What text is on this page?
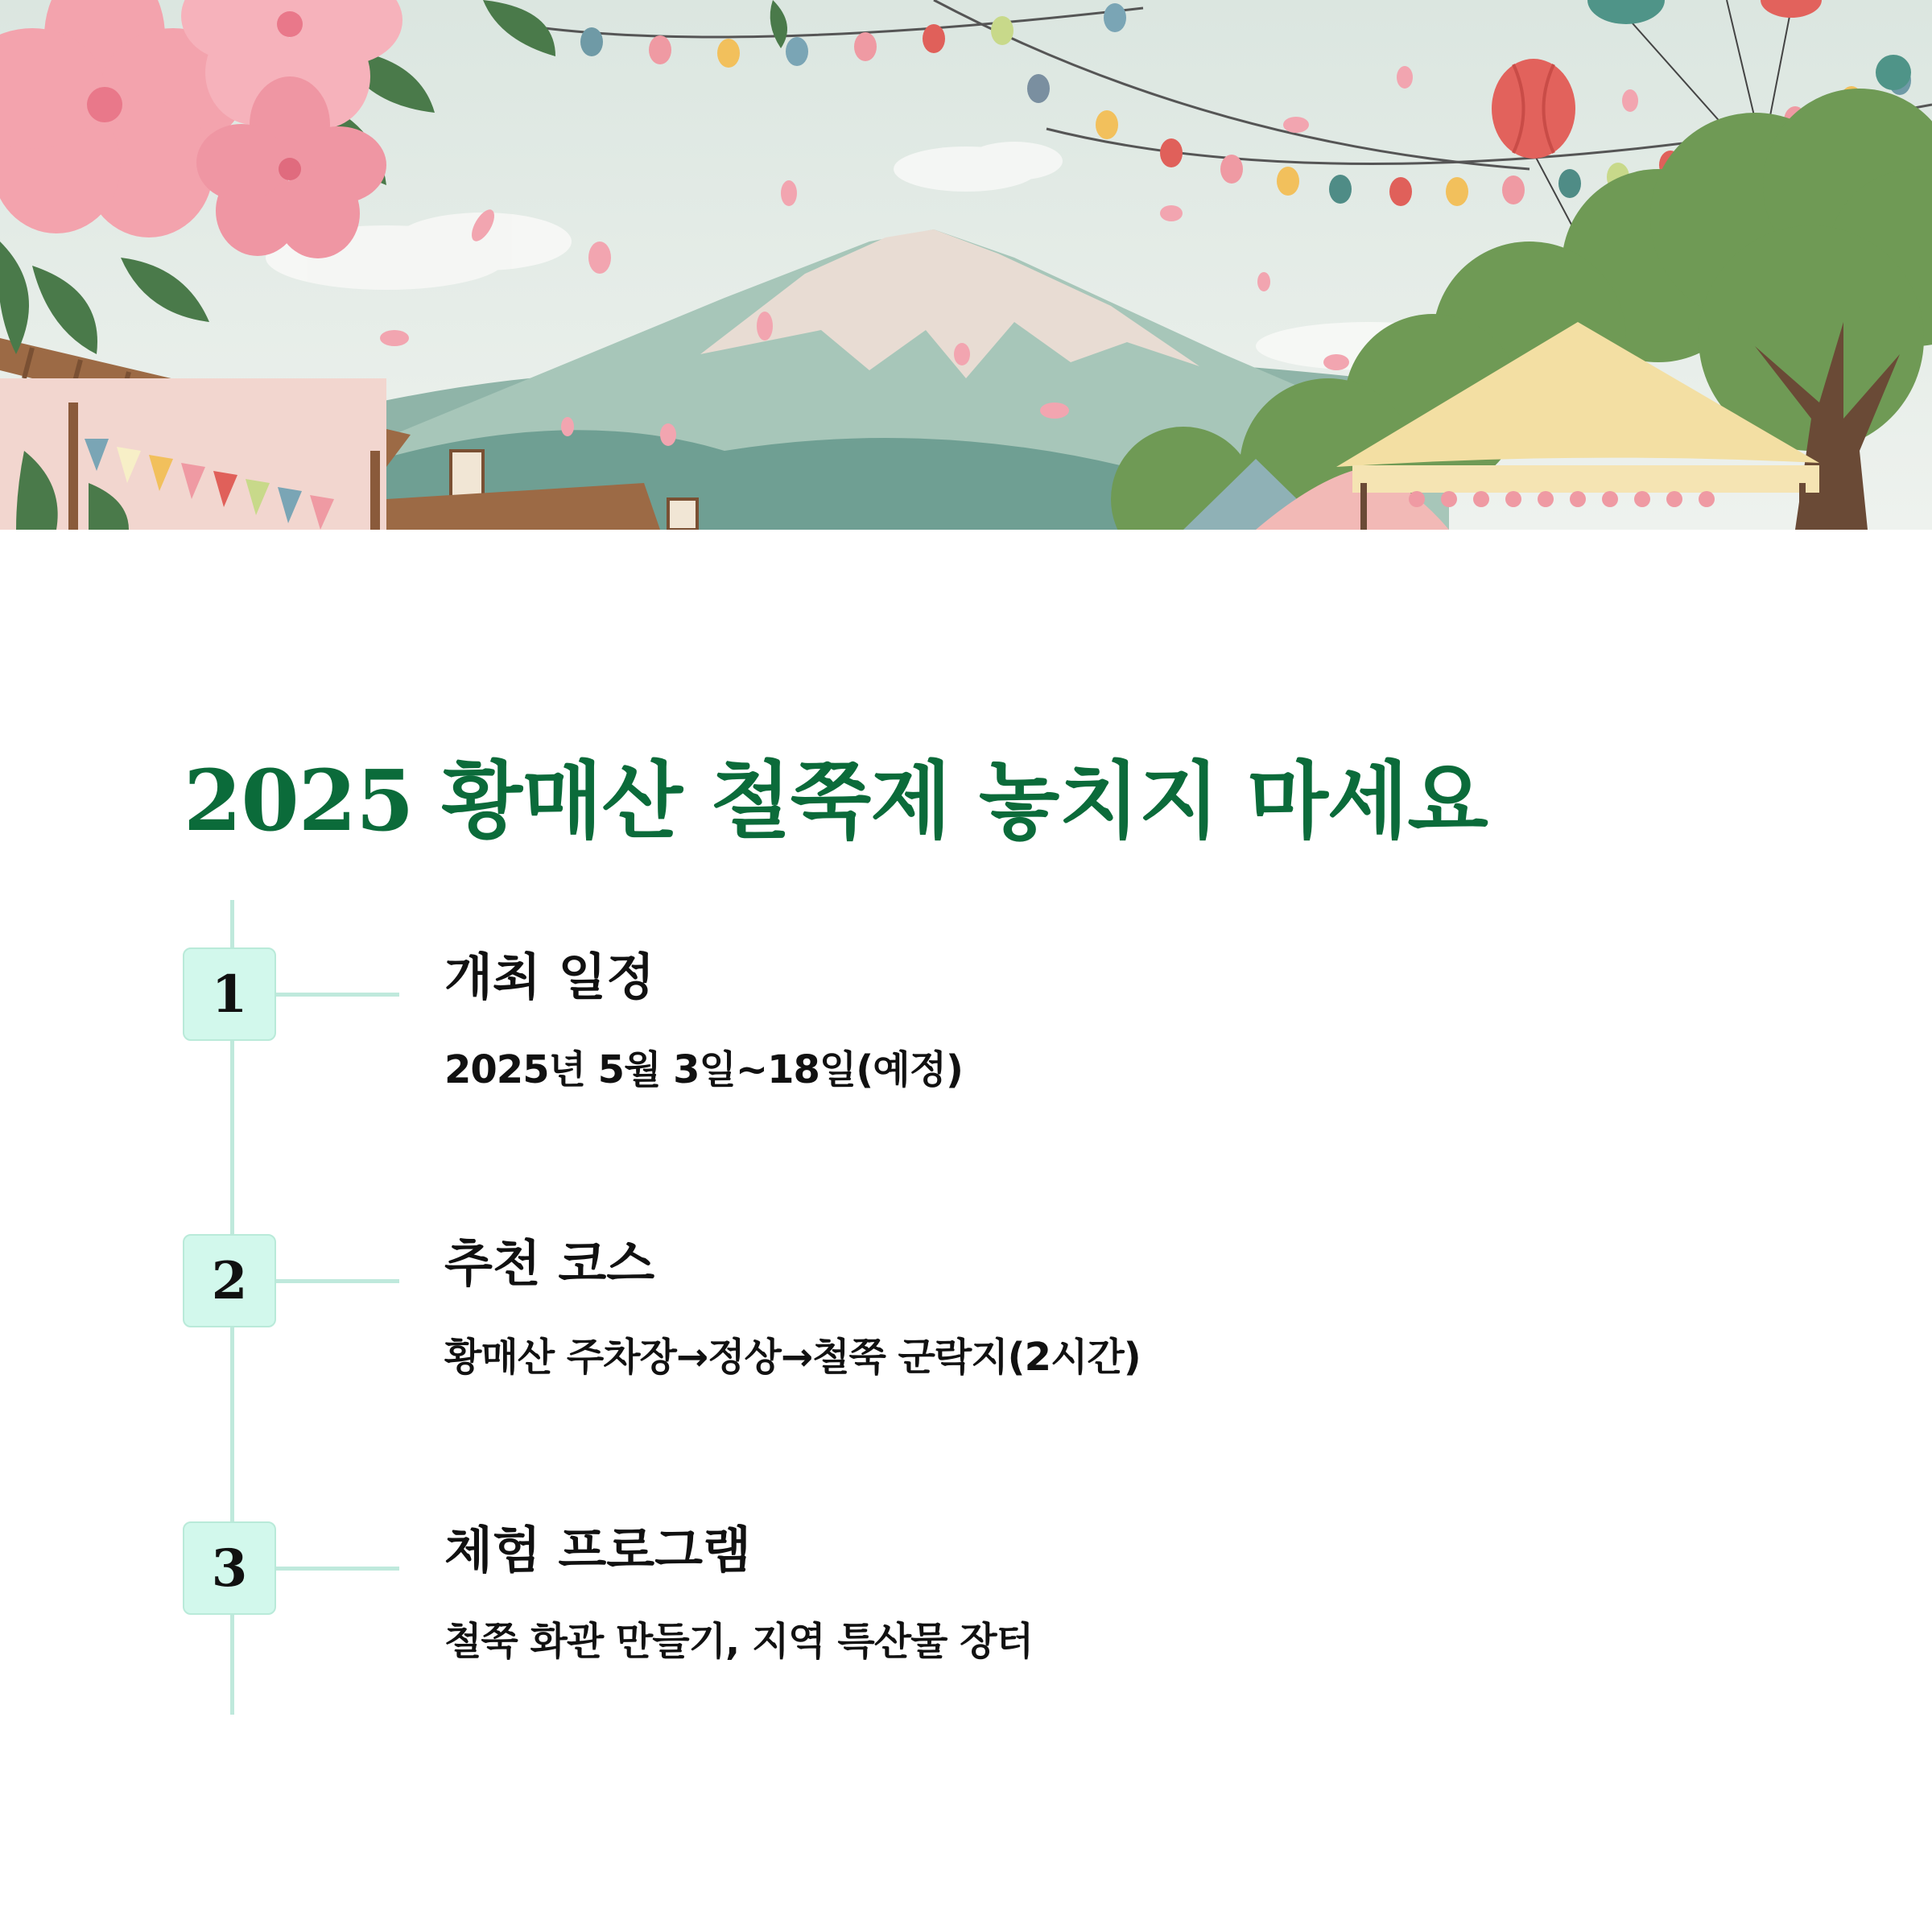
2025 황매산 철쭉제 놓치지 마세요
1	개최 일정

2025년 5월 3일~18일(예정)

2	추천 코스

황매산 주차장→정상→철쭉 군락지(2시간)

3	체험 프로그램

철쭉 화관 만들기, 지역 특산물 장터
